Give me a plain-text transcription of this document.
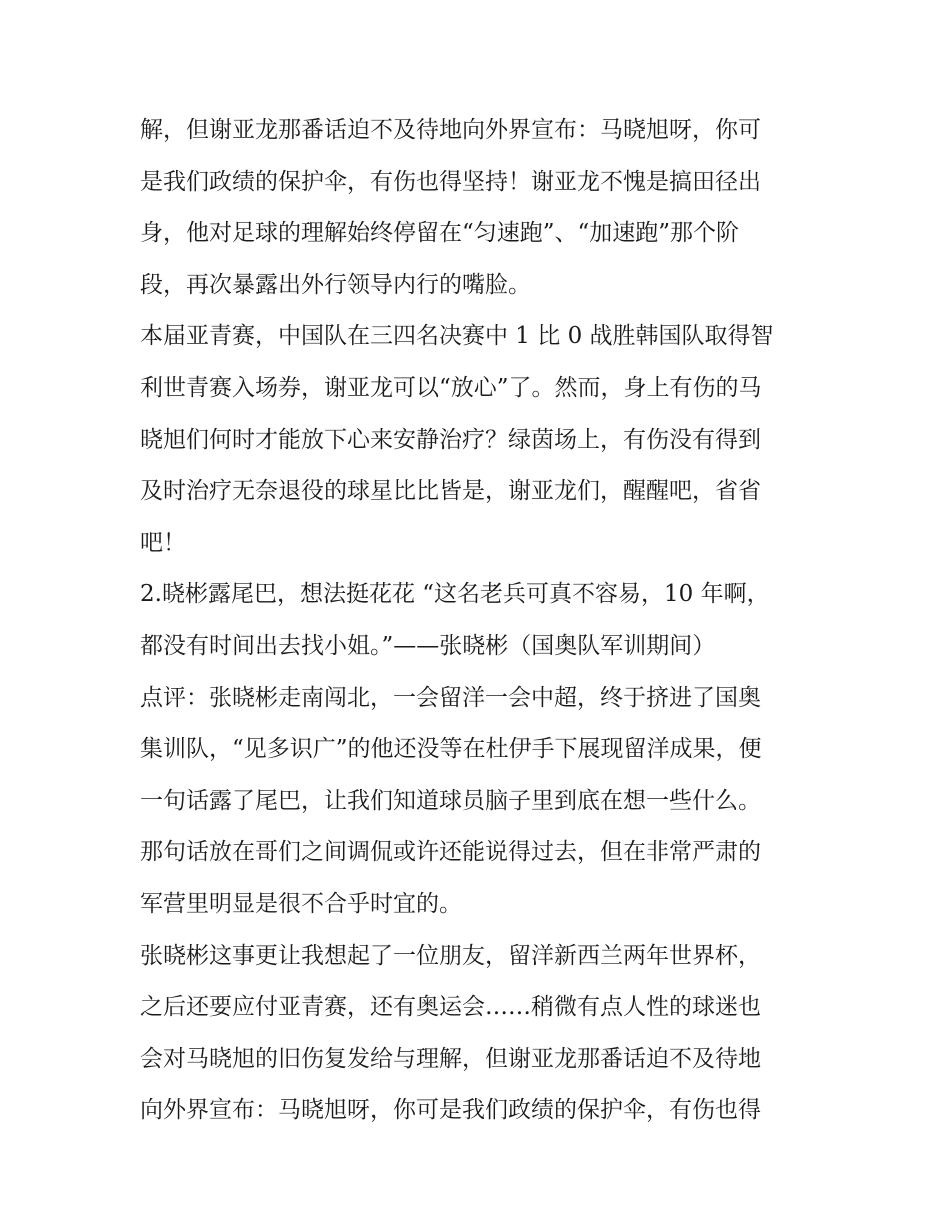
解，但谢亚龙那番话迫不及待地向外界宣布：马晓旭呀，你可
是我们政绩的保护伞，有伤也得坚持！谢亚龙不愧是搞田径出
身，他对足球的理解始终停留在“匀速跑”、“加速跑”那个阶
段，再次暴露出外行领导内行的嘴脸。
本届亚青赛，中国队在三四名决赛中 1 比 0 战胜韩国队取得智
利世青赛入场券，谢亚龙可以“放心”了。然而，身上有伤的马
晓旭们何时才能放下心来安静治疗？绿茵场上，有伤没有得到
及时治疗无奈退役的球星比比皆是，谢亚龙们，醒醒吧，省省
吧！
2.晓彬露尾巴，想法挺花花 “这名老兵可真不容易，10 年啊，
都没有时间出去找小姐。”——张晓彬（国奥队军训期间）
点评：张晓彬走南闯北，一会留洋一会中超，终于挤进了国奥
集训队，“见多识广”的他还没等在杜伊手下展现留洋成果，便
一句话露了尾巴，让我们知道球员脑子里到底在想一些什么。
那句话放在哥们之间调侃或许还能说得过去，但在非常严肃的
军营里明显是很不合乎时宜的。
张晓彬这事更让我想起了一位朋友，留洋新西兰两年世界杯，
之后还要应付亚青赛，还有奥运会……稍微有点人性的球迷也
会对马晓旭的旧伤复发给与理解，但谢亚龙那番话迫不及待地
向外界宣布：马晓旭呀，你可是我们政绩的保护伞，有伤也得
